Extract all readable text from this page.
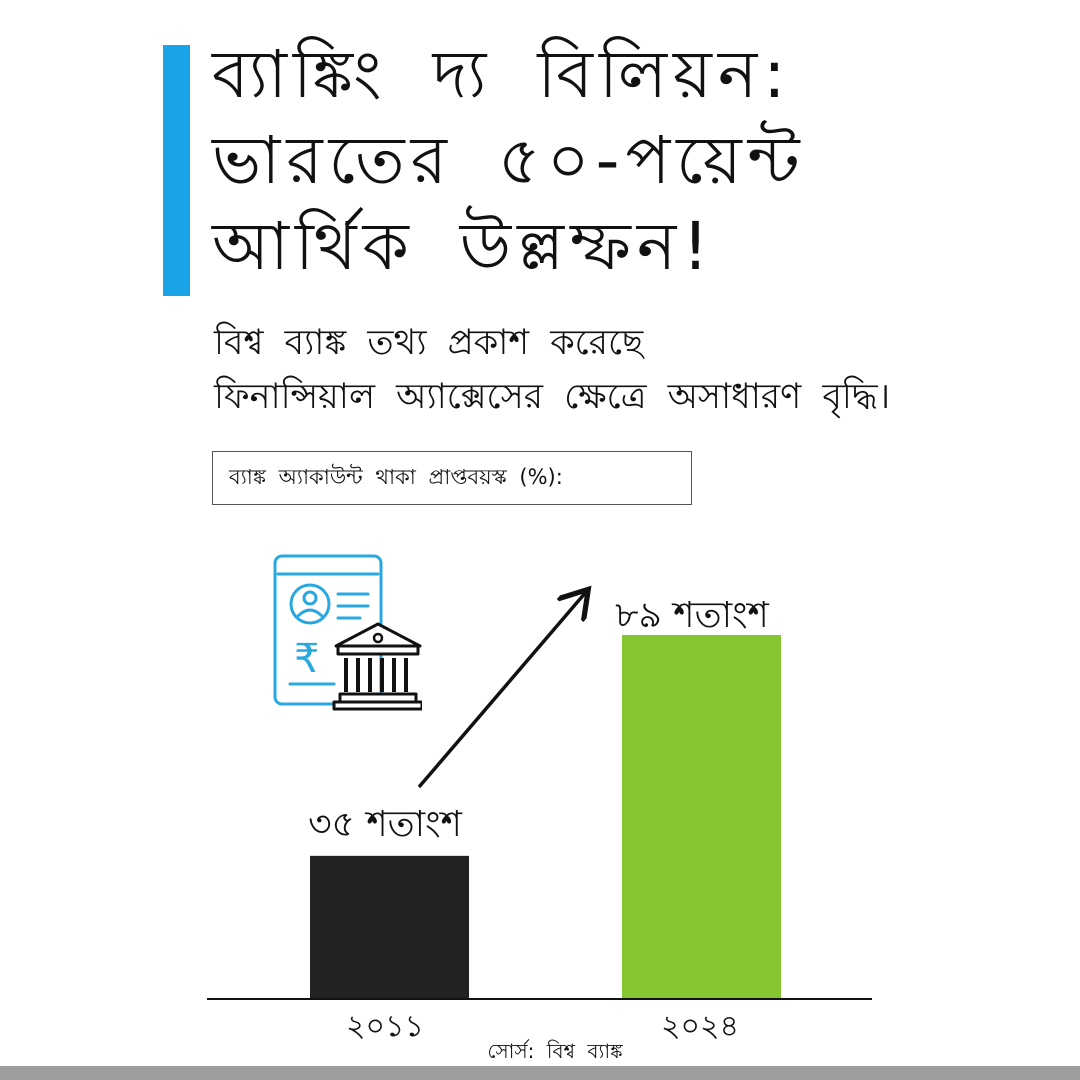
ব্যাঙ্কিং দ্য বিলিয়ন:
ভারতের ৫০-পয়েন্ট
আর্থিক উল্লম্ফন!

বিশ্ব ব্যাঙ্ক তথ্য প্রকাশ করেছে
ফিনান্সিয়াল অ্যাক্সেসের ক্ষেত্রে অসাধারণ বৃদ্ধি।

ব্যাঙ্ক অ্যাকাউন্ট থাকা প্রাপ্তবয়স্ক (%):
₹
৩৫ শতাংশ
২০১১
৮৯ শতাংশ
২০২৪
সোর্স: বিশ্ব ব্যাঙ্ক
